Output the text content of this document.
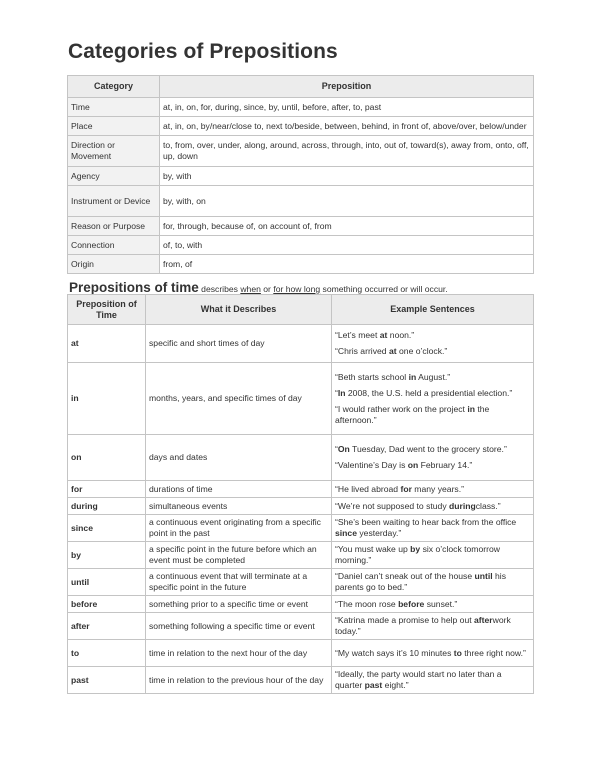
Categories of Prepositions
Category	Preposition
Time	at, in, on, for, during, since, by, until, before, after, to, past
Place	at, in, on, by/near/close to, next to/beside, between, behind, in front of, above/over, below/under
Direction or Movement	to, from, over, under, along, around, across, through, into, out of, toward(s), away from, onto, off, up, down
Agency	by, with
Instrument or Device	by, with, on
Reason or Purpose	for, through, because of, on account of, from
Connection	of, to, with
Origin	from, of
Prepositions of time describes when or for how long something occurred or will occur.
Preposition of Time	What it Describes	Example Sentences
at	specific and short times of day	“Let’s meet at noon.”

“Chris arrived at one o’clock.”

in	months, years, and specific times of day	“Beth starts school in August.”

“In 2008, the U.S. held a presidential election.”

“I would rather work on the project in the afternoon.”

on	days and dates	“On Tuesday, Dad went to the grocery store.”

“Valentine’s Day is on February 14.”

for	durations of time	“He lived abroad for many years.”

during	simultaneous events	“We’re not supposed to study duringclass.”

since	a continuous event originating from a specific point in the past	“She’s been waiting to hear back from the office since yesterday.”

by	a specific point in the future before which an event must be completed	“You must wake up by six o’clock tomorrow morning.”

until	a continuous event that will terminate at a specific point in the future	“Daniel can’t sneak out of the house until his parents go to bed.”

before	something prior to a specific time or event	“The moon rose before sunset.”

after	something following a specific time or event	“Katrina made a promise to help out afterwork today.”

to	time in relation to the next hour of the day	“My watch says it’s 10 minutes to three right now.”

past	time in relation to the previous hour of the day	“Ideally, the party would start no later than a quarter past eight.”
